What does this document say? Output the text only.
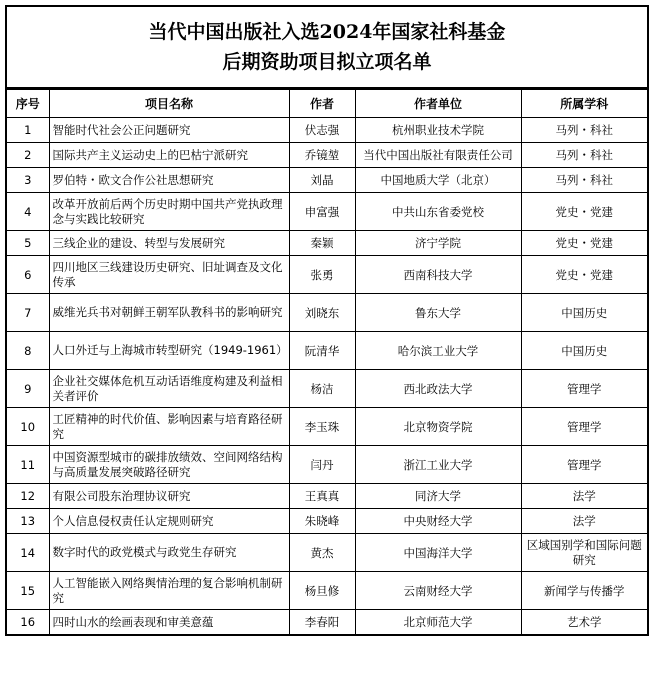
当代中国出版社入选2024年国家社科基金
后期资助项目拟立项名单
序号	项目名称	作者	作者单位	所属学科
1	智能时代社会公正问题研究	伏志强	杭州职业技术学院	马列・科社
2	国际共产主义运动史上的巴枯宁派研究	乔镜堃	当代中国出版社有限责任公司	马列・科社
3	罗伯特・欧文合作公社思想研究	刘晶	中国地质大学（北京）	马列・科社
4	改革开放前后两个历史时期中国共产党执政理念与实践比较研究	申富强	中共山东省委党校	党史・党建
5	三线企业的建设、转型与发展研究	秦颖	济宁学院	党史・党建
6	四川地区三线建设历史研究、旧址调查及文化传承	张勇	西南科技大学	党史・党建
7	威维光兵书对朝鲜王朝军队教科书的影响研究	刘晓东	鲁东大学	中国历史
8	人口外迁与上海城市转型研究（1949-1961）	阮清华	哈尔滨工业大学	中国历史
9	企业社交媒体危机互动话语维度构建及利益相关者评价	杨洁	西北政法大学	管理学
10	工匠精神的时代价值、影响因素与培育路径研究	李玉珠	北京物资学院	管理学
11	中国资源型城市的碳排放绩效、空间网络结构与高质量发展突破路径研究	闫丹	浙江工业大学	管理学
12	有限公司股东治理协议研究	王真真	同济大学	法学
13	个人信息侵权责任认定规则研究	朱晓峰	中央财经大学	法学
14	数字时代的政党模式与政党生存研究	黄杰	中国海洋大学	区域国别学和国际问题研究
15	人工智能嵌入网络舆情治理的复合影响机制研究	杨旦修	云南财经大学	新闻学与传播学
16	四时山水的绘画表现和审美意蕴	李春阳	北京师范大学	艺术学
